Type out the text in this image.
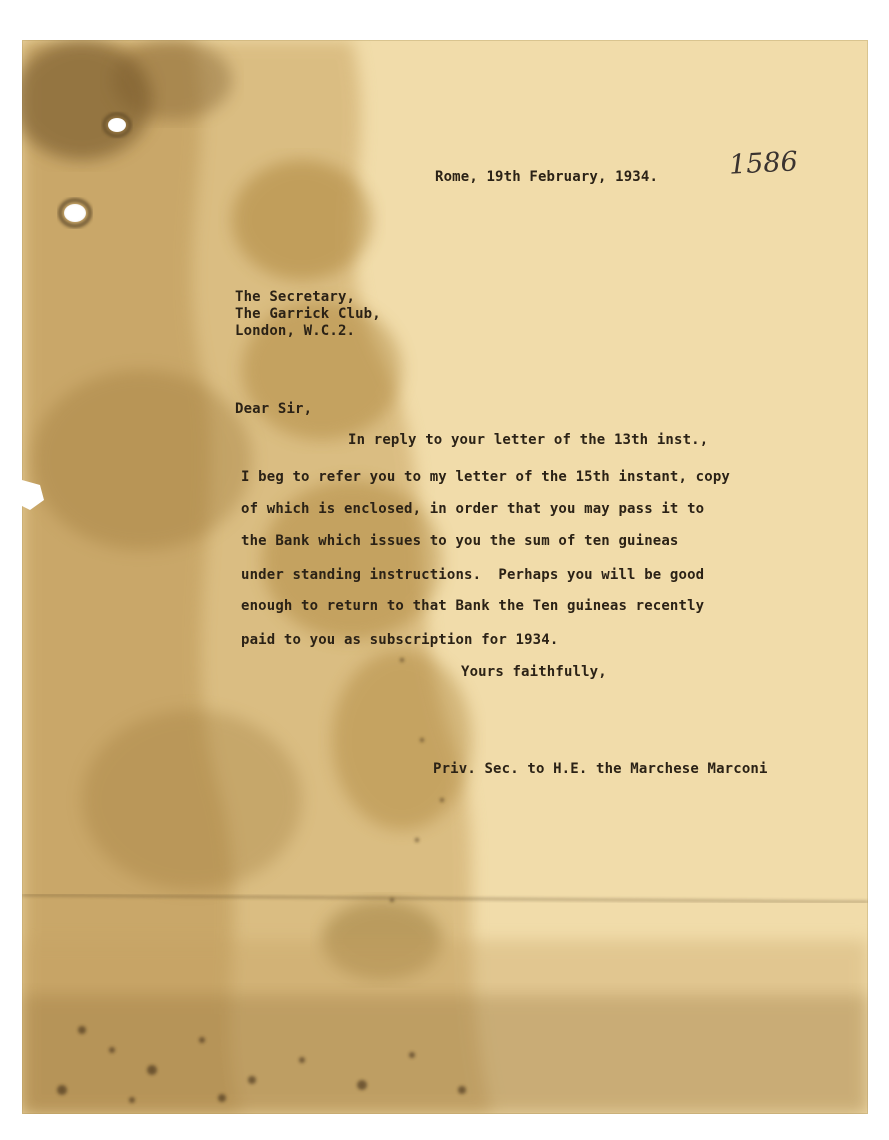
1586
Rome, 19th February, 1934.
The Secretary,
The Garrick Club,
London, W.C.2.
Dear Sir,
In reply to your letter of the 13th inst.,
I beg to refer you to my letter of the 15th instant, copy
of which is enclosed, in order that you may pass it to
the Bank which issues to you the sum of ten guineas
under standing instructions.  Perhaps you will be good
enough to return to that Bank the Ten guineas recently
paid to you as subscription for 1934.
Yours faithfully,
Priv. Sec. to H.E. the Marchese Marconi
